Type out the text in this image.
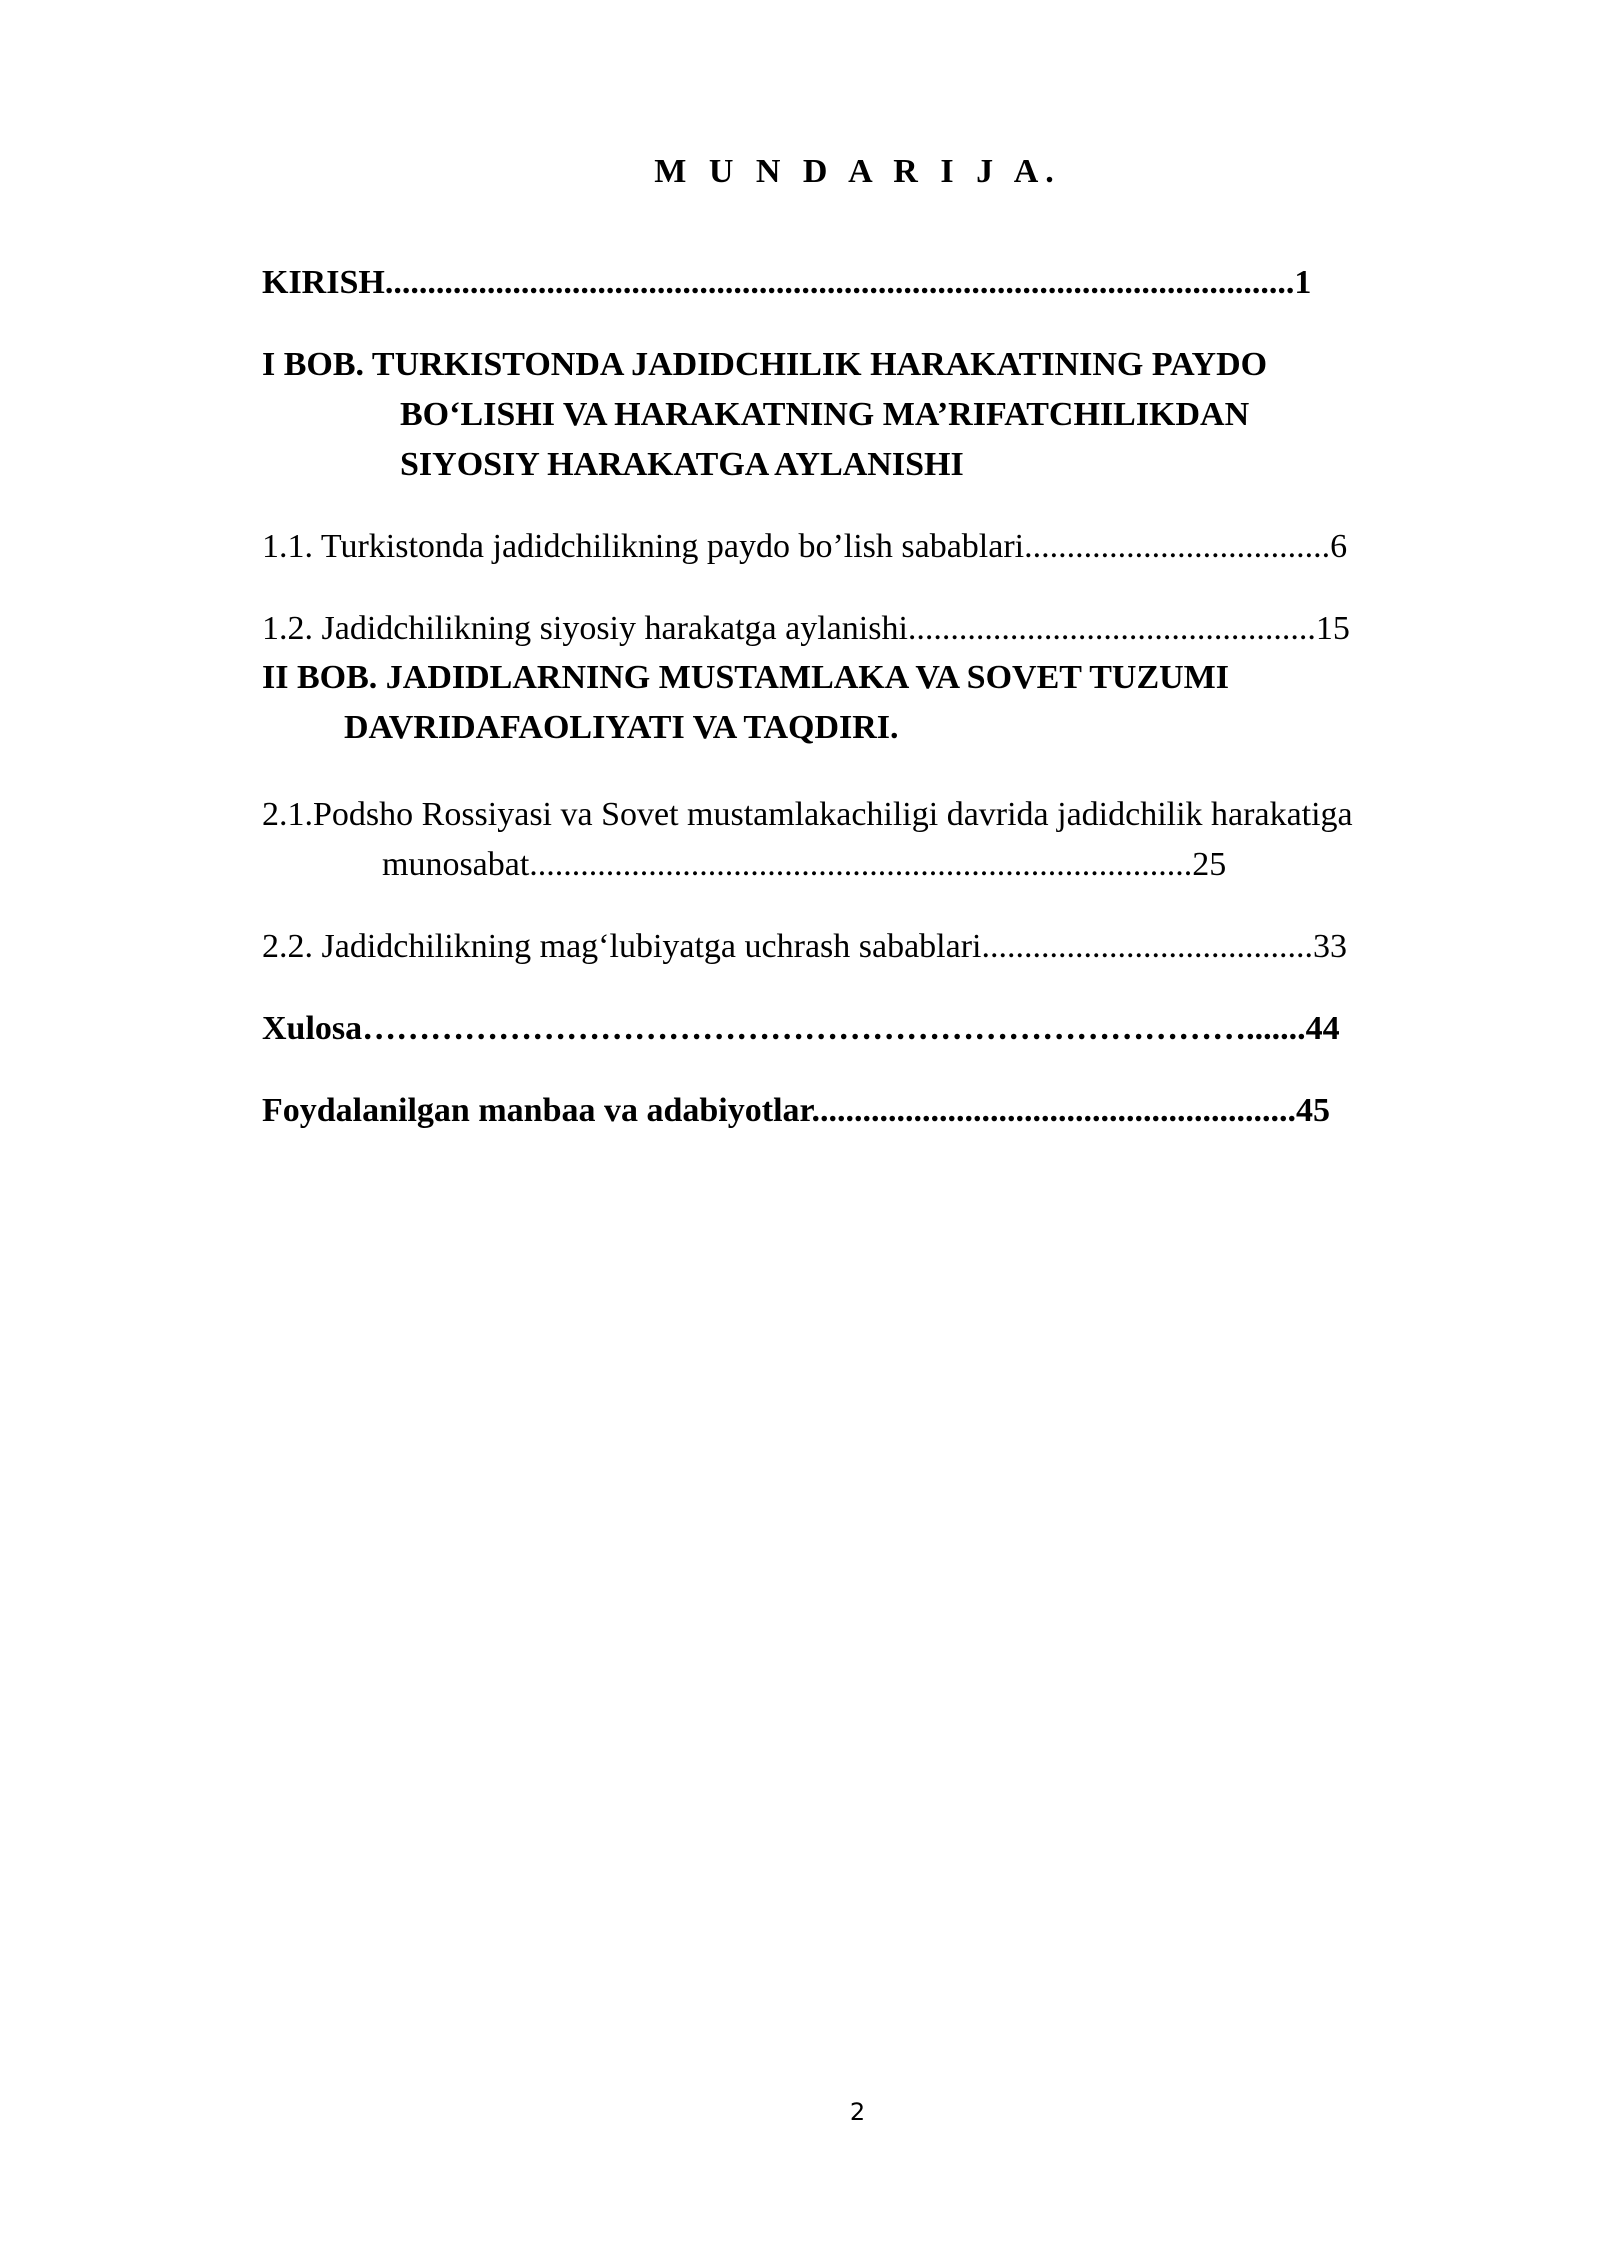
M U N D A R I J A.
KIRISH...........................................................................................................1
I BOB. TURKISTONDA JADIDCHILIK HARAKATINING PAYDO
BO‘LISHI VA HARAKATNING MA’RIFATCHILIKDAN
SIYOSIY HARAKATGA AYLANISHI
1.1. Turkistonda jadidchilikning paydo bo’lish sabablari....................................6
1.2. Jadidchilikning siyosiy harakatga aylanishi................................................15
II BOB. JADIDLARNING MUSTAMLAKA VA SOVET TUZUMI
DAVRIDAFAOLIYATI VA TAQDIRI.
2.1.Podsho Rossiyasi va Sovet mustamlakachiligi davrida jadidchilik harakatiga
munosabat..............................................................................25
2.2. Jadidchilikning mag‘lubiyatga uchrash sabablari.......................................33
Xulosa…………………………………………………………………….......44
Foydalanilgan manbaa va adabiyotlar.........................................................45
2
